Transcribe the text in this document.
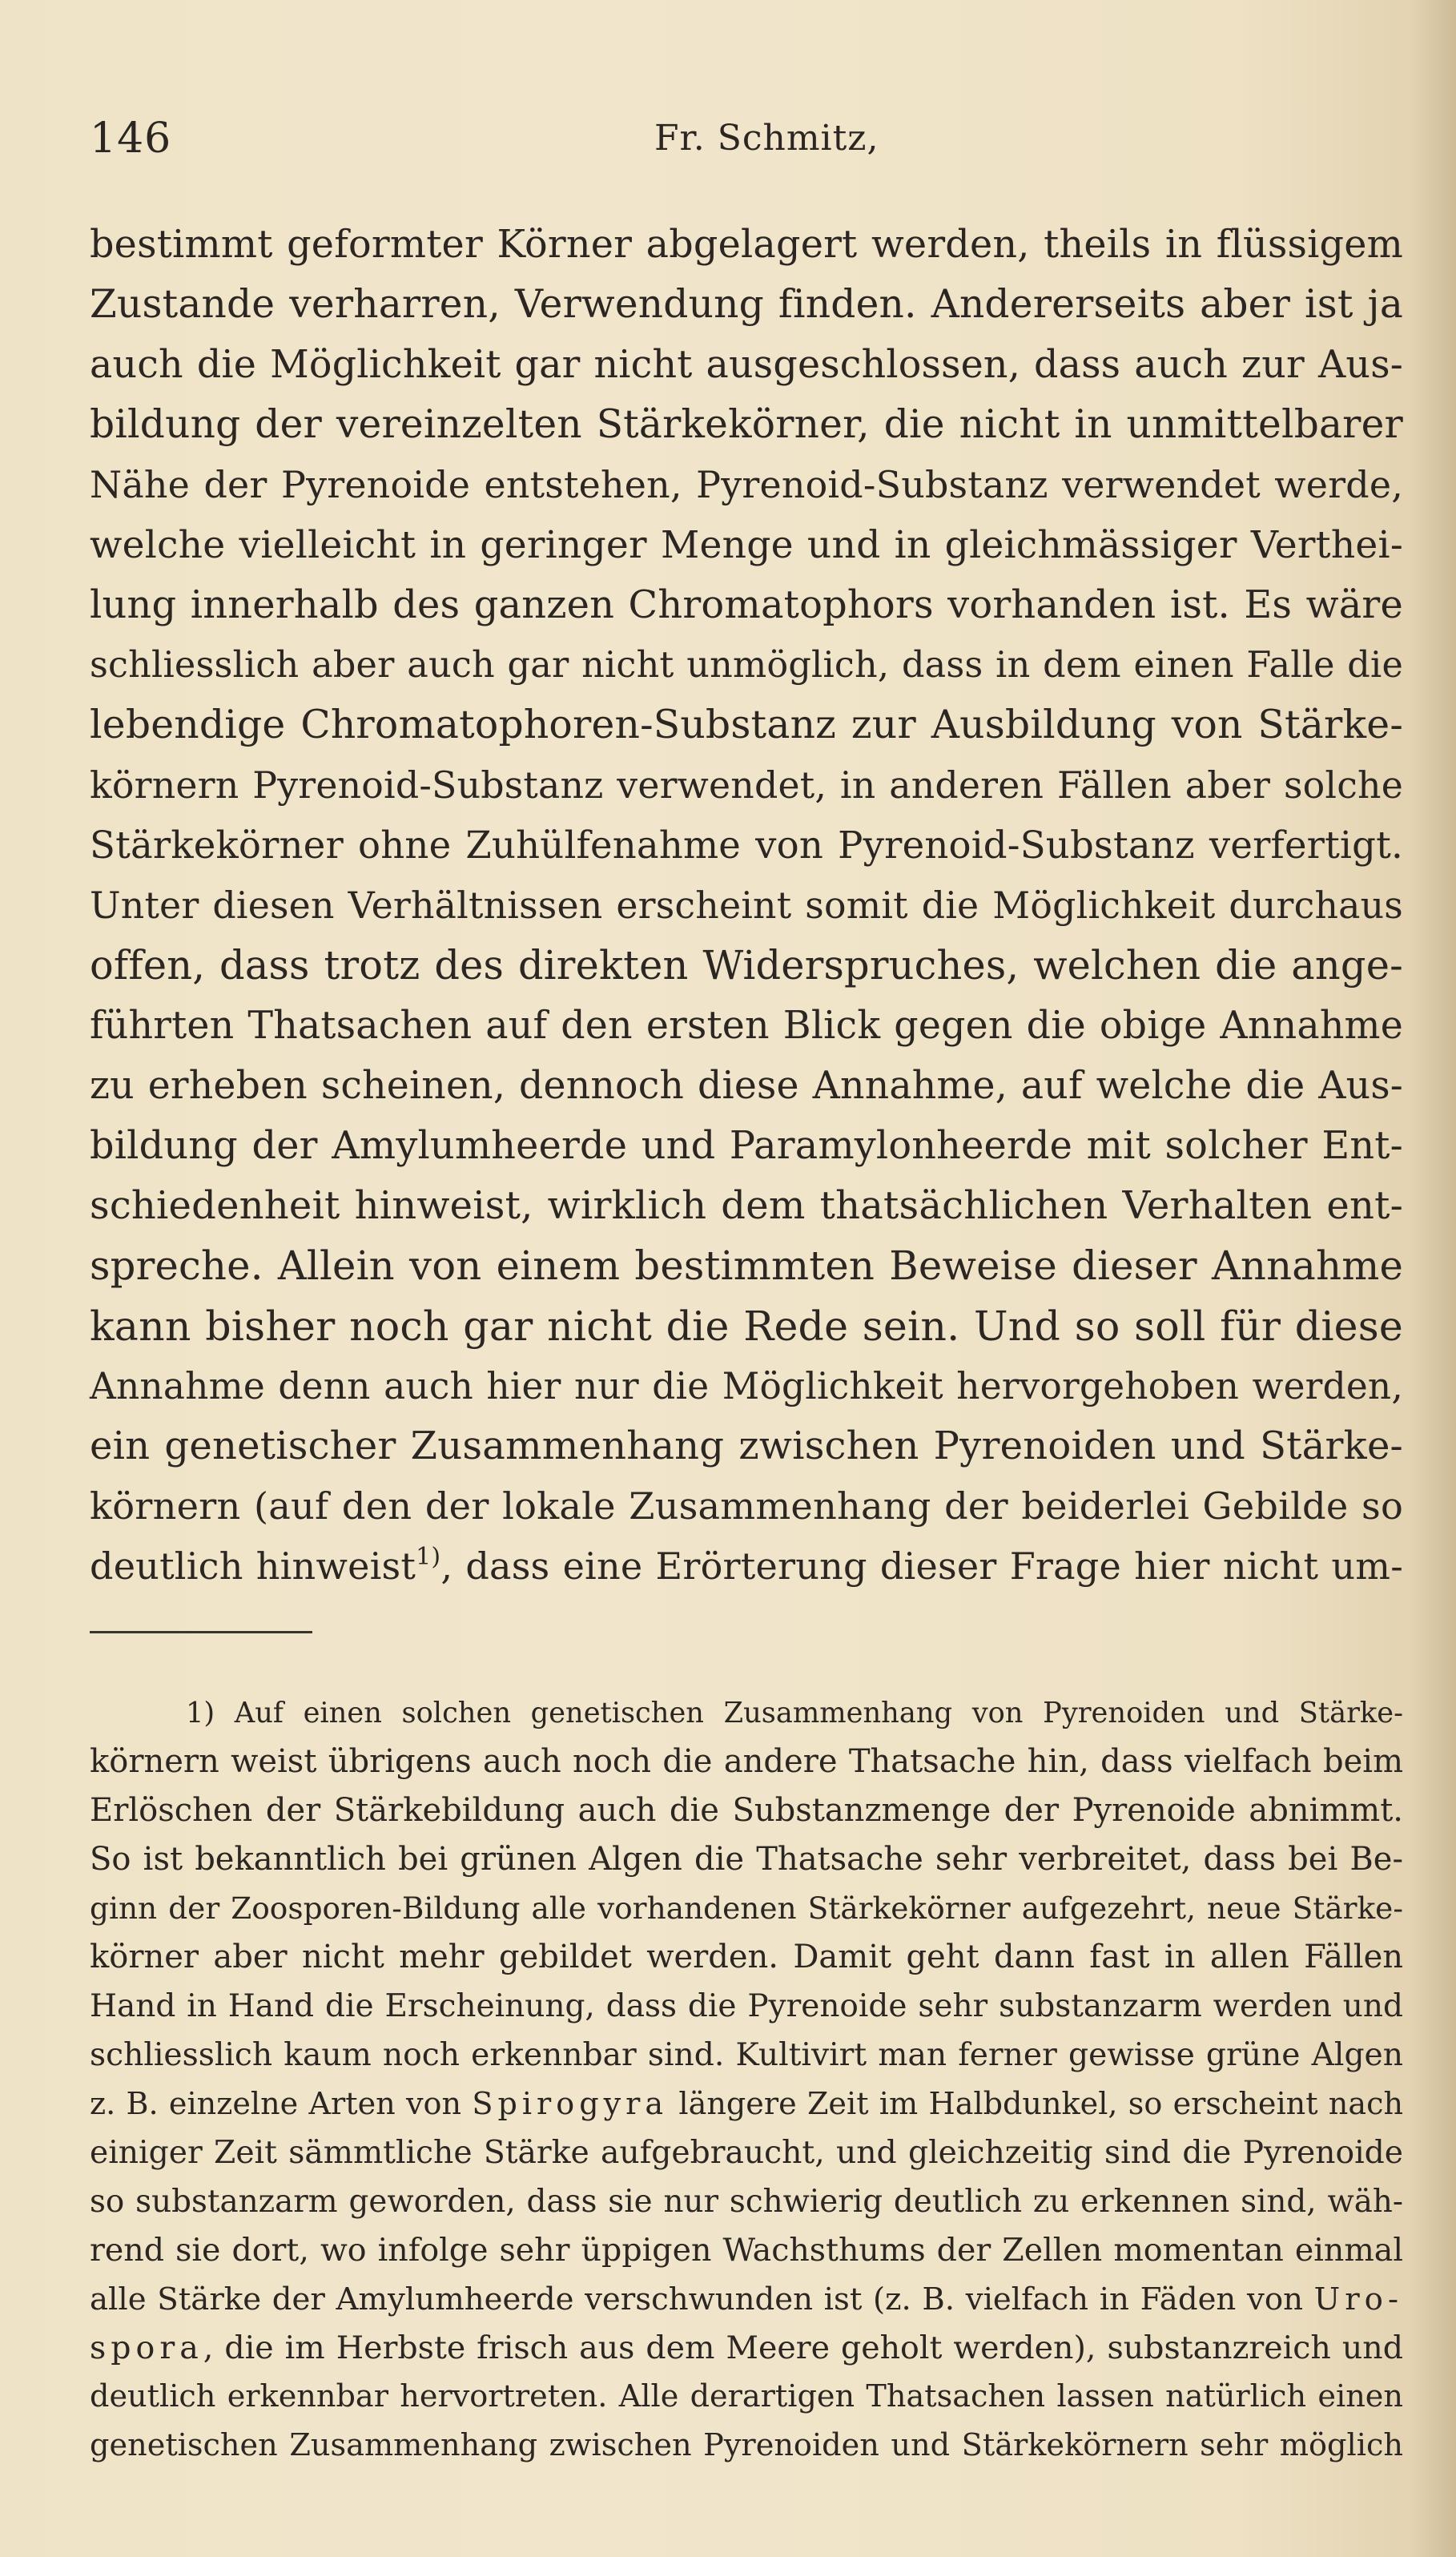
146	Fr. Schmitz,
bestimmt geformter Körner abgelagert werden, theils in flüssigem
Zustande verharren, Verwendung finden. Andererseits aber ist ja
auch die Möglichkeit gar nicht ausgeschlossen, dass auch zur Aus-
bildung der vereinzelten Stärkekörner, die nicht in unmittelbarer
Nähe der Pyrenoide entstehen, Pyrenoid-Substanz verwendet werde,
welche vielleicht in geringer Menge und in gleichmässiger Verthei-
lung innerhalb des ganzen Chromatophors vorhanden ist. Es wäre
schliesslich aber auch gar nicht unmöglich, dass in dem einen Falle die
lebendige Chromatophoren-Substanz zur Ausbildung von Stärke-
körnern Pyrenoid-Substanz verwendet, in anderen Fällen aber solche
Stärkekörner ohne Zuhülfenahme von Pyrenoid-Substanz verfertigt.
Unter diesen Verhältnissen erscheint somit die Möglichkeit durchaus
offen, dass trotz des direkten Widerspruches, welchen die ange-
führten Thatsachen auf den ersten Blick gegen die obige Annahme
zu erheben scheinen, dennoch diese Annahme, auf welche die Aus-
bildung der Amylumheerde und Paramylonheerde mit solcher Ent-
schiedenheit hinweist, wirklich dem thatsächlichen Verhalten ent-
spreche. Allein von einem bestimmten Beweise dieser Annahme
kann bisher noch gar nicht die Rede sein. Und so soll für diese
Annahme denn auch hier nur die Möglichkeit hervorgehoben werden,
ein genetischer Zusammenhang zwischen Pyrenoiden und Stärke-
körnern (auf den der lokale Zusammenhang der beiderlei Gebilde so
deutlich hinweist$^{1)}$, dass eine Erörterung dieser Frage hier nicht um-
1) Auf einen solchen genetischen Zusammenhang von Pyrenoiden und Stärke-
körnern weist übrigens auch noch die andere Thatsache hin, dass vielfach beim
Erlöschen der Stärkebildung auch die Substanzmenge der Pyrenoide abnimmt.
So ist bekanntlich bei grünen Algen die Thatsache sehr verbreitet, dass bei Be-
ginn der Zoosporen-Bildung alle vorhandenen Stärkekörner aufgezehrt, neue Stärke-
körner aber nicht mehr gebildet werden. Damit geht dann fast in allen Fällen
Hand in Hand die Erscheinung, dass die Pyrenoide sehr substanzarm werden und
schliesslich kaum noch erkennbar sind. Kultivirt man ferner gewisse grüne Algen
z. B. einzelne Arten von Spirogyra längere Zeit im Halbdunkel, so erscheint nach
einiger Zeit sämmtliche Stärke aufgebraucht, und gleichzeitig sind die Pyrenoide
so substanzarm geworden, dass sie nur schwierig deutlich zu erkennen sind, wäh-
rend sie dort, wo infolge sehr üppigen Wachsthums der Zellen momentan einmal
alle Stärke der Amylumheerde verschwunden ist (z. B. vielfach in Fäden von Uro-
spora, die im Herbste frisch aus dem Meere geholt werden), substanzreich und
deutlich erkennbar hervortreten. Alle derartigen Thatsachen lassen natürlich einen
genetischen Zusammenhang zwischen Pyrenoiden und Stärkekörnern sehr möglich
